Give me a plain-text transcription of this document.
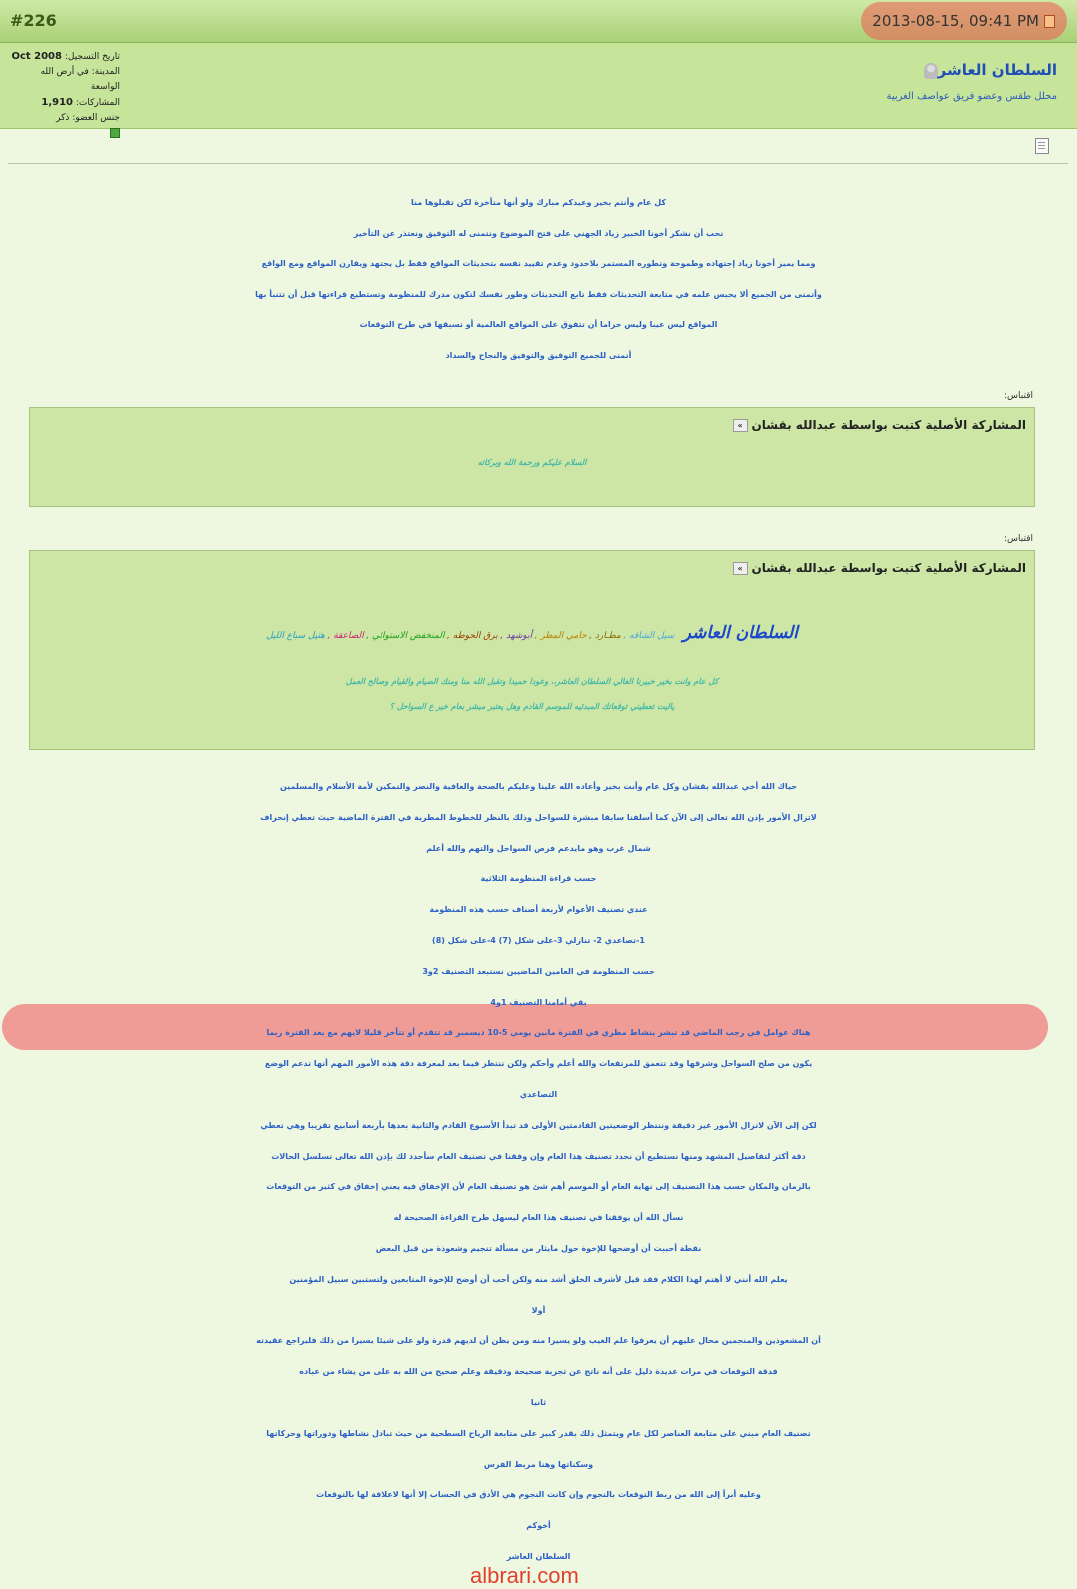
#226	2013-08-15, 09:41 PM
تاريخ التسجيل: Oct 2008
المدينة: في أرض الله الواسعة
المشاركات: 1,910
جنس العضو: ذكر
السلطان العاشر
محلل طقس وعضو فريق عواصف الغربية
كل عام وأنتم بخير وعيدكم مبارك ولو أنها متأخرة لكن تقبلوها منا
نحب أن نشكر أخونا الخبير زياد الجهني على فتح الموضوع ونتمنى له التوفيق ونعتذر عن التأخير
ومما يميز أخونا زياد إجتهاده وطموحة وتطوره المستمر بلاحدود وعدم تقييد نفسه بتحديثات المواقع فقط بل يجتهد ويقارن المواقع ومع الواقع
وأتمنى من الجميع ألا يحبس علمه في متابعة التحديثات فقط تابع التحديثات وطور نفسك لتكون مدرك للمنظومة وتستطيع قراءتها قبل أن تتنبأ بها
المواقع ليس عيبا وليس حراما أن تتفوق على المواقع العالمية أو تسبقها في طرح التوقعات
أتمنى للجميع التوفيق والتوفيق والنجاح والسداد
اقتباس:
المشاركة الأصلية كتبت بواسطة عبدالله بقشان»
السلام عليكم ورحمة الله وبركاته
اقتباس:
المشاركة الأصلية كتبت بواسطة عبدالله بقشان»
السلطان العاشر سيل الشافه , مطـارد , حامي المطر , أبوشهد , برق الحوطه , المنخفض الاستوائي , الصاعقة , هتيل سباع الليل
كل عام وانت بخير خبيرنا الغالي السلطان العاشر،، وعودا حميدا وتقبل الله منا ومنك الصيام والقيام وصالح العمل
ياليت تعطيني توقعاتك المبدئيه للموسم القادم وهل يعتبر مبشر بعام خير ع السواحل ؟
حياك الله أخي عبدالله بقشان وكل عام وأنت بخير وأعاده الله علينا وعليكم بالصحة والعافية والنصر والتمكين لأمة الأسلام والمسلمين
لاتزال الأمور بإذن الله تعالى إلى الآن كما أسلفنا سابقا مبشرة للسواحل وذلك بالنظر للخطوط المطرية في الفترة الماضية حيث تعطي إنحراف
شمال غرب وهو مايدعم فرص السواحل والتهم والله أعلم
حسب قراءة المنظومة الثلاثية
عندي تصنيف الأعوام لأربعة أصناف حسب هذه المنظومة
1-تصاعدي 2- تنازلي 3-على شكل (7) 4-على شكل (8)
حسب المنظومة في العامين الماضيين نستبعد التصنيف 2و3
بقي أمامنا التصنيف 1و4
هناك عوامل في رجب الماضي قد تبشر بنشاط مطري في الفترة مابين يومي 5-10 ديسمبر قد تتقدم أو تتأخر قليلا لايهم مع بعد الفترة ربما
يكون من صلح السواحل وشرقها وقد تتعمق للمرتفعات والله أعلم وأحكم ولكن ننتظر فيما بعد لمعرفة دقة هذه الأمور المهم أنها تدعم الوضع
التصاعدي
لكن إلى الآن لاتزال الأمور غير دقيقة وننتظر الوضعيتين القادمتين الأولى قد تبدأ الأسبوع القادم والثانية بعدها بأربعة أسابيع تقريبا وهي تعطي
دقة أكثر لتفاصيل المشهد ومنها نستطيع أن نحدد تصنيف هذا العام وإن وفقنا في تصنيف العام سأحدد لك بإذن الله تعالى تسلسل الحالات
بالزمان والمكان حسب هذا التصنيف إلى نهاية العام أو الموسم أهم شئ هو تصنيف العام لأن الإخفاق فيه يعني إخفاق في كثير من التوقعات
نسأل الله أن يوفقنا في تصنيف هذا العام ليسهل طرح القراءة الصحيحة له
نقطة أحببت أن أوضحها للإخوة حول مايثار من مسألة تنجيم وشعوذة من قبل البعض
يعلم الله أنني لا أهتم لهذا الكلام فقد قيل لأشرف الخلق أشد منه ولكن أحب أن أوضح للإخوة المتابعين ولتستبين سبيل المؤمنين
أولا
أن المشعوذين والمنجمين محال عليهم أن يعرفوا علم الغيب ولو يسيرا منه ومن يظن أن لديهم قدرة ولو على شيئا يسيرا من ذلك فليراجع عقيدته
فدقة التوقعات في مرات عديدة دليل على أنه ناتج عن تجربة صحيحة ودقيقة وعلم صحيح من الله به على من يشاء من عباده
ثانيا
تصنيف العام مبني على متابعة العناصر لكل عام ويتمثل ذلك بقدر كبير على متابعة الرياح السطحية من حيث تبادل نشاطها ودوراتها وحركاتها
وسكناتها وهنا مربط الفرس
وعليه أبرأ إلى الله من ربط التوقعات بالنجوم وإن كانت النجوم هي الأدق في الحساب إلا أنها لاعلاقة لها بالتوقعات
أخوكم
السلطان العاشر
albrari.com
